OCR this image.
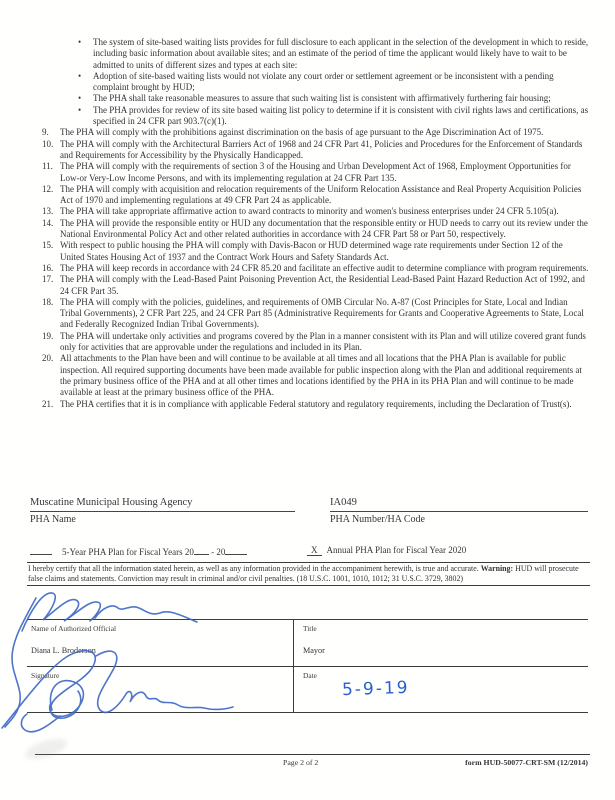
• The system of site-based waiting lists provides for full disclosure to each applicant in the selection of the development in which to reside, including basic information about available sites; and an estimate of the period of time the applicant would likely have to wait to be admitted to units of different sizes and types at each site:
• Adoption of site-based waiting lists would not violate any court order or settlement agreement or be inconsistent with a pending complaint brought by HUD;
• The PHA shall take reasonable measures to assure that such waiting list is consistent with affirmatively furthering fair housing;
• The PHA provides for review of its site based waiting list policy to determine if it is consistent with civil rights laws and certifications, as specified in 24 CFR part 903.7(c)(1).
9. The PHA will comply with the prohibitions against discrimination on the basis of age pursuant to the Age Discrimination Act of 1975.
10. The PHA will comply with the Architectural Barriers Act of 1968 and 24 CFR Part 41, Policies and Procedures for the Enforcement of Standards and Requirements for Accessibility by the Physically Handicapped.
11. The PHA will comply with the requirements of section 3 of the Housing and Urban Development Act of 1968, Employment Opportunities for Low-or Very-Low Income Persons, and with its implementing regulation at 24 CFR Part 135.
12. The PHA will comply with acquisition and relocation requirements of the Uniform Relocation Assistance and Real Property Acquisition Policies Act of 1970 and implementing regulations at 49 CFR Part 24 as applicable.
13. The PHA will take appropriate affirmative action to award contracts to minority and women's business enterprises under 24 CFR 5.105(a).
14. The PHA will provide the responsible entity or HUD any documentation that the responsible entity or HUD needs to carry out its review under the National Environmental Policy Act and other related authorities in accordance with 24 CFR Part 58 or Part 50, respectively.
15. With respect to public housing the PHA will comply with Davis-Bacon or HUD determined wage rate requirements under Section 12 of the United States Housing Act of 1937 and the Contract Work Hours and Safety Standards Act.
16. The PHA will keep records in accordance with 24 CFR 85.20 and facilitate an effective audit to determine compliance with program requirements.
17. The PHA will comply with the Lead-Based Paint Poisoning Prevention Act, the Residential Lead-Based Paint Hazard Reduction Act of 1992, and 24 CFR Part 35.
18. The PHA will comply with the policies, guidelines, and requirements of OMB Circular No. A-87 (Cost Principles for State, Local and Indian Tribal Governments), 2 CFR Part 225, and 24 CFR Part 85 (Administrative Requirements for Grants and Cooperative Agreements to State, Local and Federally Recognized Indian Tribal Governments).
19. The PHA will undertake only activities and programs covered by the Plan in a manner consistent with its Plan and will utilize covered grant funds only for activities that are approvable under the regulations and included in its Plan.
20. All attachments to the Plan have been and will continue to be available at all times and all locations that the PHA Plan is available for public inspection. All required supporting documents have been made available for public inspection along with the Plan and additional requirements at the primary business office of the PHA and at all other times and locations identified by the PHA in its PHA Plan and will continue to be made available at least at the primary business office of the PHA.
21. The PHA certifies that it is in compliance with applicable Federal statutory and regulatory requirements, including the Declaration of Trust(s).
Muscatine Municipal Housing Agency
PHA Name
IA049
PHA Number/HA Code
5-Year PHA Plan for Fiscal Years 20 - 20	X Annual PHA Plan for Fiscal Year 2020
I hereby certify that all the information stated herein, as well as any information provided in the accompaniment herewith, is true and accurate. Warning: HUD will prosecute false claims and statements. Conviction may result in criminal and/or civil penalties. (18 U.S.C. 1001, 1010, 1012; 31 U.S.C. 3729, 3802)
Name of Authorized Official
Diana L. Broderson
Title
Mayor
Signature	Date
5-9-19
Page 2 of 2	form HUD-50077-CRT-SM (12/2014)
